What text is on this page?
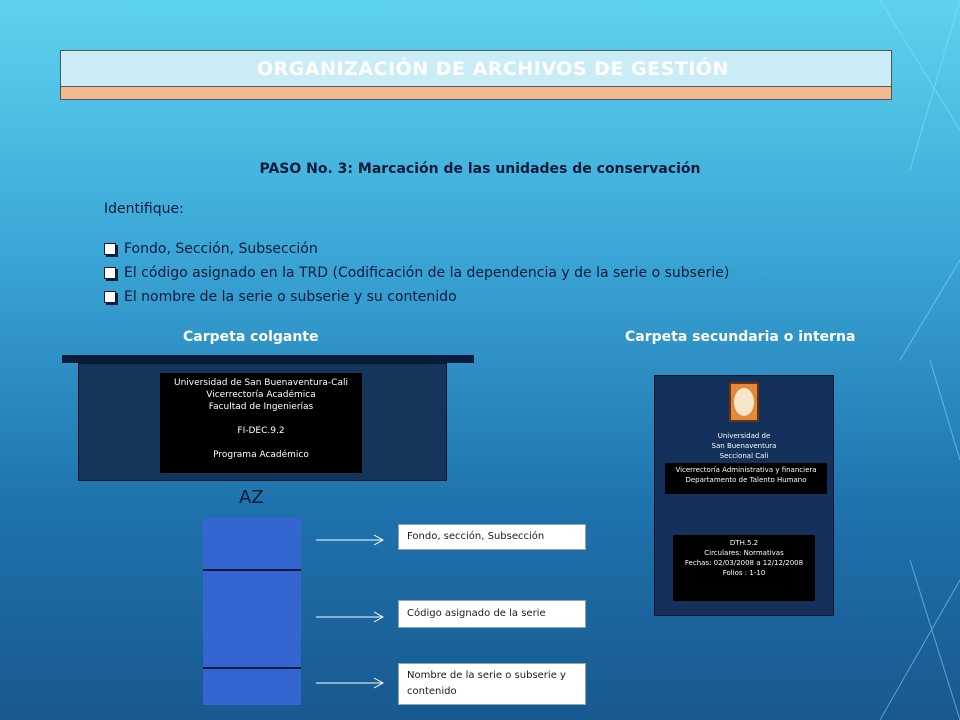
ORGANIZACIÓN DE ARCHIVOS DE GESTIÓN
PASO No. 3: Marcación de las unidades de conservación
Identifique:
Fondo, Sección, Subsección
El código asignado en la TRD (Codificación de la dependencia y de la serie o subserie)
El nombre de la serie o subserie y su contenido
Carpeta colgante	Carpeta secundaria o interna
Universidad de San Buenaventura-Cali
Vicerrectoría Académica
Facultad de Ingenierías
FI-DEC.9.2
Programa Académico
AZ
Fondo, sección, Subsección
Código asignado de la serie
Nombre de la serie o subserie y contenido
Universidad de
San Buenaventura
Seccional Cali
Vicerrectoría Administrativa y financiera
Departamento de Talento Humano
DTH.5.2
Circulares: Normativas
Fechas: 02/03/2008 a 12/12/2008
Folios : 1-10
